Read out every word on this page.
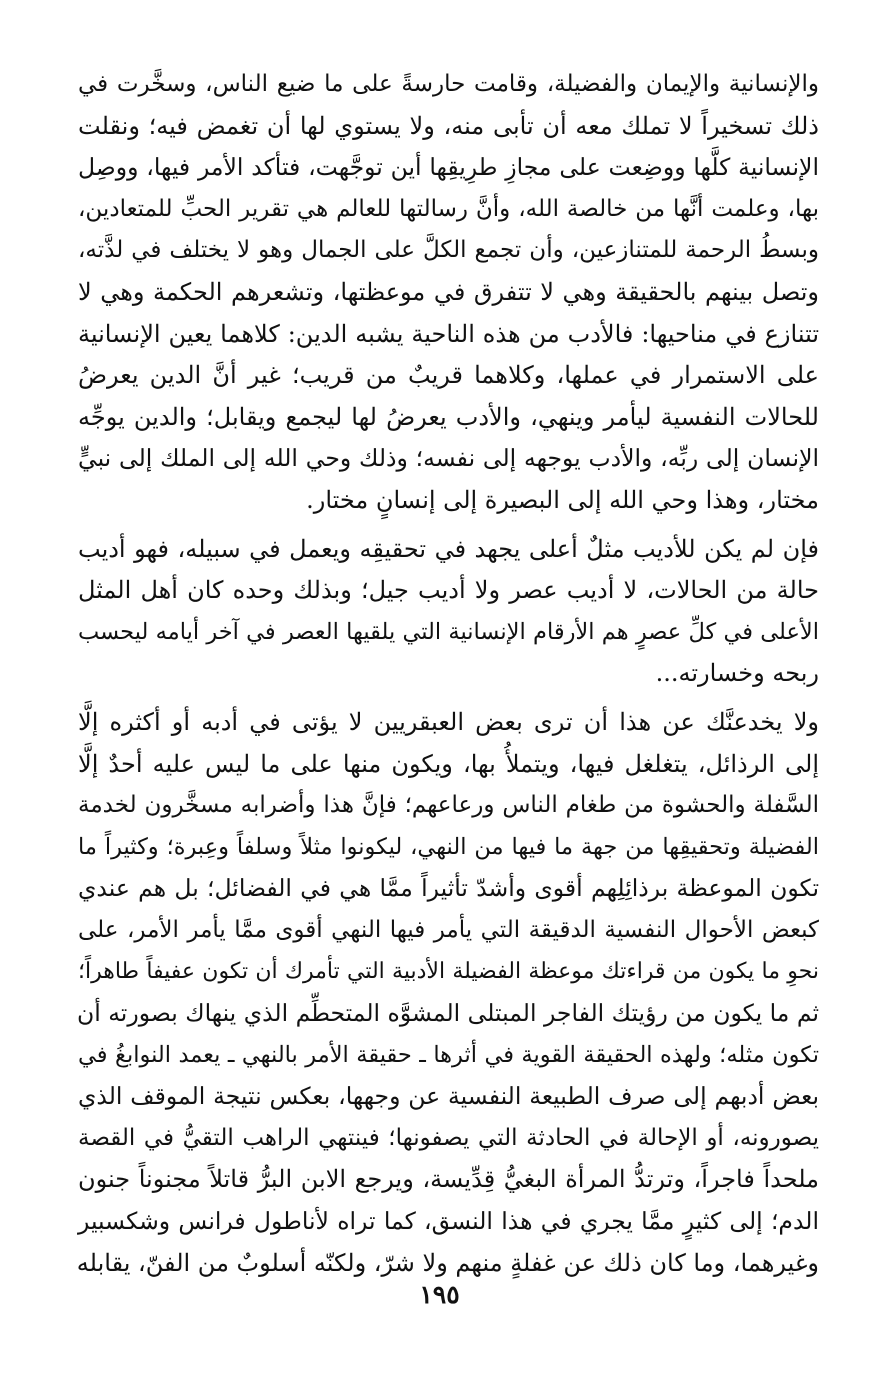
والإنسانية والإيمان والفضيلة، وقامت حارسةً على ما ضيع الناس، وسخَّرت في
ذلك تسخيراً لا تملك معه أن تأبى منه، ولا يستوي لها أن تغمض فيه؛ ونقلت
الإنسانية كلَّها ووضِعت على مجازِ طرِيقِها أين توجَّهت، فتأكد الأمر فيها، ووصِل
بها، وعلمت أنَّها من خالصة الله، وأنَّ رسالتها للعالم هي تقرير الحبِّ للمتعادين،
وبسطُ الرحمة للمتنازعين، وأن تجمع الكلَّ على الجمال وهو لا يختلف في لذَّته،
وتصل بينهم بالحقيقة وهي لا تتفرق في موعظتها، وتشعرهم الحكمة وهي لا
تتنازع في مناحيها: فالأدب من هذه الناحية يشبه الدين: كلاهما يعين الإنسانية
على الاستمرار في عملها، وكلاهما قريبٌ من قريب؛ غير أنَّ الدين يعرضُ
للحالات النفسية ليأمر وينهي، والأدب يعرضُ لها ليجمع ويقابل؛ والدين يوجِّه
الإنسان إلى ربِّه، والأدب يوجهه إلى نفسه؛ وذلك وحي الله إلى الملك إلى نبيٍّ
مختار، وهذا وحي الله إلى البصيرة إلى إنسانٍ مختار.

فإن لم يكن للأديب مثلٌ أعلى يجهد في تحقيقِه ويعمل في سبيله، فهو أديب
حالة من الحالات، لا أديب عصر ولا أديب جيل؛ وبذلك وحده كان أهل المثل
الأعلى في كلِّ عصرٍ هم الأرقام الإنسانية التي يلقيها العصر في آخر أيامه ليحسب
ربحه وخسارته...

ولا يخدعنَّك عن هذا أن ترى بعض العبقريين لا يؤتى في أدبه أو أكثره إلَّا
إلى الرذائل، يتغلغل فيها، ويتملأُ بها، ويكون منها على ما ليس عليه أحدٌ إلَّا
السَّفلة والحشوة من طغام الناس ورعاعهم؛ فإنَّ هذا وأضرابه مسخَّرون لخدمة
الفضيلة وتحقيقِها من جهة ما فيها من النهي، ليكونوا مثلاً وسلفاً وعِبرة؛ وكثيراً ما
تكون الموعظة برذائِلِهم أقوى وأشدّ تأثيراً ممَّا هي في الفضائل؛ بل هم عندي
كبعض الأحوال النفسية الدقيقة التي يأمر فيها النهي أقوى ممَّا يأمر الأمر، على
نحوِ ما يكون من قراءتك موعظة الفضيلة الأدبية التي تأمرك أن تكون عفيفاً طاهراً؛
ثم ما يكون من رؤيتك الفاجر المبتلى المشوَّه المتحطِّم الذي ينهاك بصورته أن
تكون مثله؛ ولهذه الحقيقة القوية في أثرها ـ حقيقة الأمر بالنهي ـ يعمد النوابغُ في
بعض أدبهم إلى صرف الطبيعة النفسية عن وجهها، بعكس نتيجة الموقف الذي
يصورونه، أو الإحالة في الحادثة التي يصفونها؛ فينتهي الراهب التقيُّ في القصة
ملحداً فاجراً، وترتدُّ المرأة البغيُّ قِدِّيسة، ويرجع الابن البرُّ قاتلاً مجنوناً جنون
الدم؛ إلى كثيرٍ ممَّا يجري في هذا النسق، كما تراه لأناطول فرانس وشكسبير
وغيرهما، وما كان ذلك عن غفلةٍ منهم ولا شرّ، ولكنّه أسلوبٌ من الفنّ، يقابله

١٩٥
